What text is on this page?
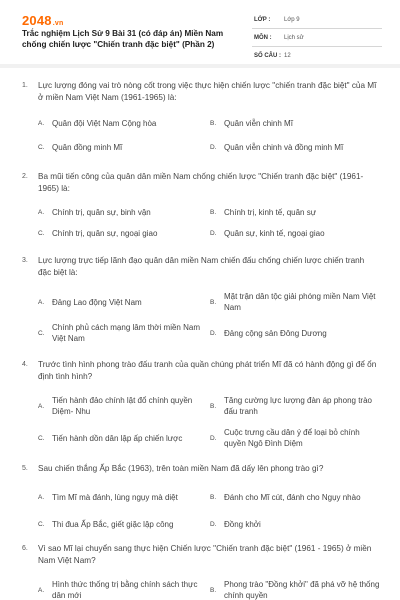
2048.vn
Trắc nghiệm Lịch Sử 9 Bài 31 (có đáp án) Miền Nam chống chiến lược "Chiến tranh đặc biệt" (Phần 2)
LỚP : Lớp 9
MÔN : Lịch sử
SỐ CÂU : 12
1. Lực lượng đóng vai trò nòng cốt trong việc thực hiện chiến lược "chiến tranh đặc biệt" của Mĩ ở miền Nam Việt Nam (1961-1965) là:
A. Quân đội Việt Nam Cộng hòa	B. Quân viễn chinh Mĩ
C. Quân đồng minh Mĩ	D. Quân viễn chinh và đồng minh Mĩ
2. Ba mũi tiến công của quân dân miền Nam chống chiến lược "Chiến tranh đặc biệt" (1961-1965) là:
A. Chính trị, quân sự, binh vận	B. Chính trị, kinh tế, quân sự
C. Chính trị, quân sự, ngoại giao	D. Quân sự, kinh tế, ngoại giao
3. Lực lượng trực tiếp lãnh đạo quân dân miền Nam chiến đấu chống chiến lược chiến tranh đặc biệt là:
A. Đảng Lao động Việt Nam	B.
Mặt trận dân tộc giải phóng miền Nam Việt Nam
C.
Chính phủ cách mạng lâm thời miền Nam Việt Nam
D. Đảng cộng sản Đông Dương
4. Trước tình hình phong trào đấu tranh của quần chúng phát triển Mĩ đã có hành động gì để ổn định tình hình?
A.
Tiến hành đảo chính lật đổ chính quyền Diệm- Nhu
B.
Tăng cường lực lượng đàn áp phong trào đấu tranh
C. Tiến hành dồn dân lập ấp chiến lược	D.
Cuộc trưng cầu dân ý để loại bỏ chính quyền Ngô Đình Diệm
5. Sau chiến thắng Ấp Bắc (1963), trên toàn miền Nam đã dấy lên phong trào gì?
A. Tìm Mĩ mà đánh, lùng ngụy mà diệt	B. Đánh cho Mĩ cút, đánh cho Ngụy nhào
C. Thi đua Ấp Bắc, giết giặc lập công	D. Đồng khởi
6. Vì sao Mĩ lại chuyển sang thực hiện Chiến lược "Chiến tranh đặc biệt" (1961 - 1965) ở miền Nam Việt Nam?
A.
Hình thức thống trị bằng chính sách thực dân mới
B.
Phong trào "Đồng khởi" đã phá vỡ hệ thống chính quyền
